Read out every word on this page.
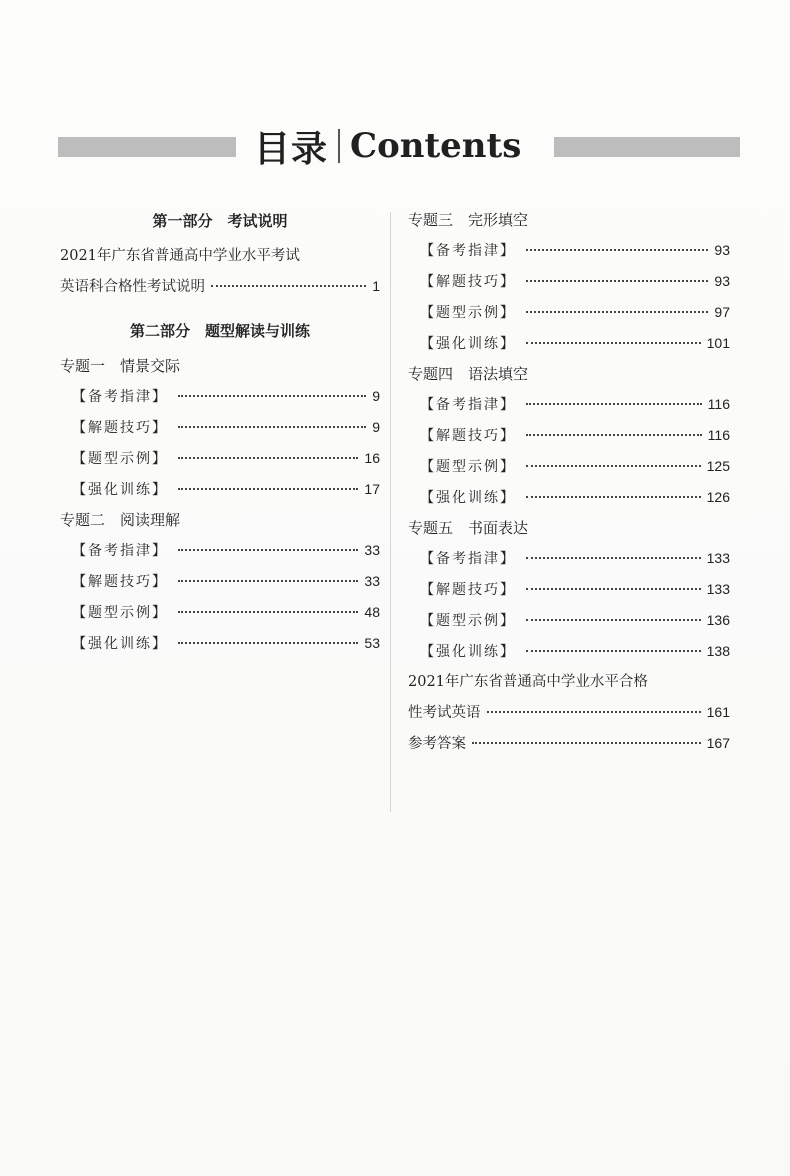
目录 Contents
第一部分　考试说明
2021年广东省普通高中学业水平考试
英语科合格性考试说明	1
第二部分　题型解读与训练
专题一　情景交际
【备考指津】	9
【解题技巧】	9
【题型示例】	16
【强化训练】	17
专题二　阅读理解
【备考指津】	33
【解题技巧】	33
【题型示例】	48
【强化训练】	53
专题三　完形填空
【备考指津】	93
【解题技巧】	93
【题型示例】	97
【强化训练】	101
专题四　语法填空
【备考指津】	116
【解题技巧】	116
【题型示例】	125
【强化训练】	126
专题五　书面表达
【备考指津】	133
【解题技巧】	133
【题型示例】	136
【强化训练】	138
2021年广东省普通高中学业水平合格
性考试英语	161
参考答案	167
